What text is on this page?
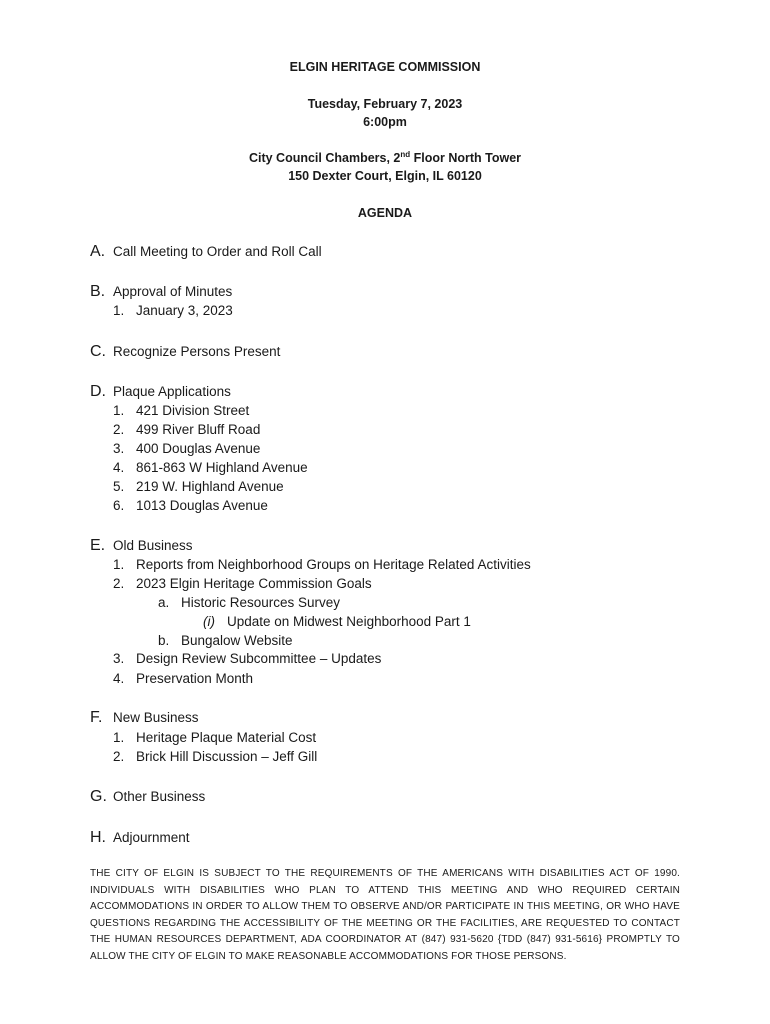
ELGIN HERITAGE COMMISSION
Tuesday, February 7, 2023
6:00pm
City Council Chambers, 2nd Floor North Tower
150 Dexter Court, Elgin, IL 60120
AGENDA
A. Call Meeting to Order and Roll Call
B. Approval of Minutes
1. January 3, 2023
C. Recognize Persons Present
D. Plaque Applications
1. 421 Division Street
2. 499 River Bluff Road
3. 400 Douglas Avenue
4. 861-863 W Highland Avenue
5. 219 W. Highland Avenue
6. 1013 Douglas Avenue
E. Old Business
1. Reports from Neighborhood Groups on Heritage Related Activities
2. 2023 Elgin Heritage Commission Goals
a. Historic Resources Survey
(i) Update on Midwest Neighborhood Part 1
b. Bungalow Website
3. Design Review Subcommittee – Updates
4. Preservation Month
F. New Business
1. Heritage Plaque Material Cost
2. Brick Hill Discussion – Jeff Gill
G. Other Business
H. Adjournment
THE CITY OF ELGIN IS SUBJECT TO THE REQUIREMENTS OF THE AMERICANS WITH DISABILITIES ACT OF 1990. INDIVIDUALS WITH DISABILITIES WHO PLAN TO ATTEND THIS MEETING AND WHO REQUIRED CERTAIN ACCOMMODATIONS IN ORDER TO ALLOW THEM TO OBSERVE AND/OR PARTICIPATE IN THIS MEETING, OR WHO HAVE QUESTIONS REGARDING THE ACCESSIBILITY OF THE MEETING OR THE FACILITIES, ARE REQUESTED TO CONTACT THE HUMAN RESOURCES DEPARTMENT, ADA COORDINATOR AT (847) 931-5620 {TDD (847) 931-5616} PROMPTLY TO ALLOW THE CITY OF ELGIN TO MAKE REASONABLE ACCOMMODATIONS FOR THOSE PERSONS.
